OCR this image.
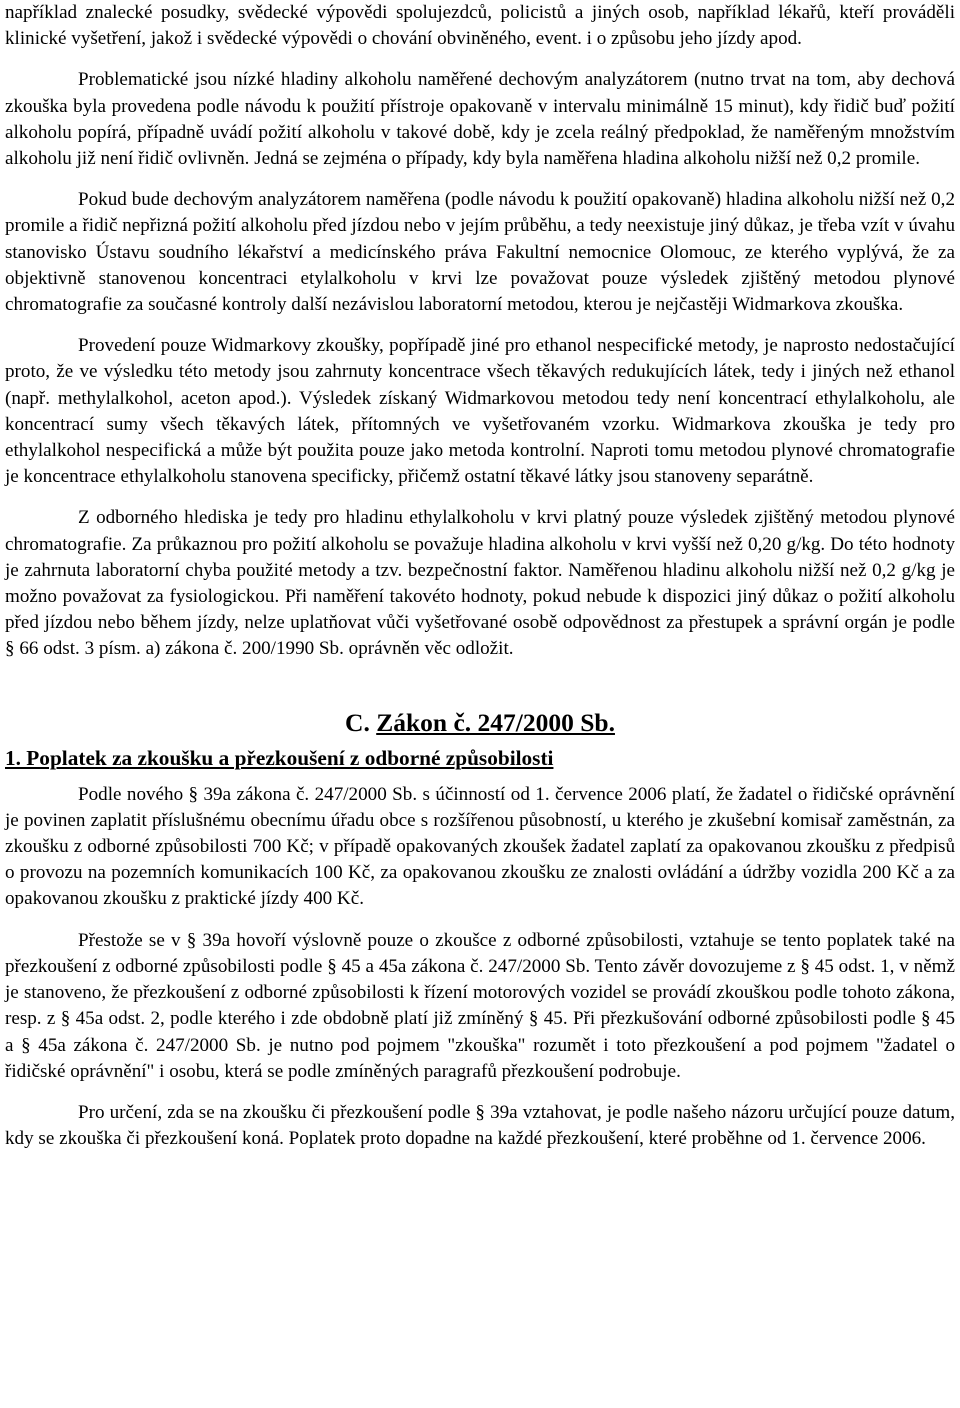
například znalecké posudky, svědecké výpovědi spolujezdců, policistů a jiných osob, například lékařů, kteří prováděli klinické vyšetření, jakož i svědecké výpovědi o chování obviněného, event. i o způsobu jeho jízdy apod.

Problematické jsou nízké hladiny alkoholu naměřené dechovým analyzátorem (nutno trvat na tom, aby dechová zkouška byla provedena podle návodu k použití přístroje opakovaně v intervalu minimálně 15 minut), kdy řidič buď požití alkoholu popírá, případně uvádí požití alkoholu v takové době, kdy je zcela reálný předpoklad, že naměřeným množstvím alkoholu již není řidič ovlivněn. Jedná se zejména o případy, kdy byla naměřena hladina alkoholu nižší než 0,2 promile.

Pokud bude dechovým analyzátorem naměřena (podle návodu k použití opakovaně) hladina alkoholu nižší než 0,2 promile a řidič nepřizná požití alkoholu před jízdou nebo v jejím průběhu, a tedy neexistuje jiný důkaz, je třeba vzít v úvahu stanovisko Ústavu soudního lékařství a medicínského práva Fakultní nemocnice Olomouc, ze kterého vyplývá, že za objektivně stanovenou koncentraci etylalkoholu v krvi lze považovat pouze výsledek zjištěný metodou plynové chromatografie za současné kontroly další nezávislou laboratorní metodou, kterou je nejčastěji Widmarkova zkouška.

Provedení pouze Widmarkovy zkoušky, popřípadě jiné pro ethanol nespecifické metody, je naprosto nedostačující proto, že ve výsledku této metody jsou zahrnuty koncentrace všech těkavých redukujících látek, tedy i jiných než ethanol (např. methylalkohol, aceton apod.). Výsledek získaný Widmarkovou metodou tedy není koncentrací ethylalkoholu, ale koncentrací sumy všech těkavých látek, přítomných ve vyšetřovaném vzorku. Widmarkova zkouška je tedy pro ethylalkohol nespecifická a může být použita pouze jako metoda kontrolní. Naproti tomu metodou plynové chromatografie je koncentrace ethylalkoholu stanovena specificky, přičemž ostatní těkavé látky jsou stanoveny separátně.

Z odborného hlediska je tedy pro hladinu ethylalkoholu v krvi platný pouze výsledek zjištěný metodou plynové chromatografie. Za průkaznou pro požití alkoholu se považuje hladina alkoholu v krvi vyšší než 0,20 g/kg. Do této hodnoty je zahrnuta laboratorní chyba použité metody a tzv. bezpečnostní faktor. Naměřenou hladinu alkoholu nižší než 0,2 g/kg je možno považovat za fysiologickou. Při naměření takovéto hodnoty, pokud nebude k dispozici jiný důkaz o požití alkoholu před jízdou nebo během jízdy, nelze uplatňovat vůči vyšetřované osobě odpovědnost za přestupek a správní orgán je podle § 66 odst. 3 písm. a) zákona č. 200/1990 Sb. oprávněn věc odložit.

C. Zákon č. 247/2000 Sb.
1. Poplatek za zkoušku a přezkoušení z odborné způsobilosti

Podle nového § 39a zákona č. 247/2000 Sb. s účinností od 1. července 2006 platí, že žadatel o řidičské oprávnění je povinen zaplatit příslušnému obecnímu úřadu obce s rozšířenou působností, u kterého je zkušební komisař zaměstnán, za zkoušku z odborné způsobilosti 700 Kč; v případě opakovaných zkoušek žadatel zaplatí za opakovanou zkoušku z předpisů o provozu na pozemních komunikacích 100 Kč, za opakovanou zkoušku ze znalosti ovládání a údržby vozidla 200 Kč a za opakovanou zkoušku z praktické jízdy 400 Kč.

Přestože se v § 39a hovoří výslovně pouze o zkoušce z odborné způsobilosti, vztahuje se tento poplatek také na přezkoušení z odborné způsobilosti podle § 45 a 45a zákona č. 247/2000 Sb. Tento závěr dovozujeme z § 45 odst. 1, v němž je stanoveno, že přezkoušení z odborné způsobilosti k řízení motorových vozidel se provádí zkouškou podle tohoto zákona, resp. z § 45a odst. 2, podle kterého i zde obdobně platí již zmíněný § 45. Při přezkušování odborné způsobilosti podle § 45 a § 45a zákona č. 247/2000 Sb. je nutno pod pojmem "zkouška" rozumět i toto přezkoušení a pod pojmem "žadatel o řidičské oprávnění" i osobu, která se podle zmíněných paragrafů přezkoušení podrobuje.

Pro určení, zda se na zkoušku či přezkoušení podle § 39a vztahovat, je podle našeho názoru určující pouze datum, kdy se zkouška či přezkoušení koná. Poplatek proto dopadne na každé přezkoušení, které proběhne od 1. července 2006.
